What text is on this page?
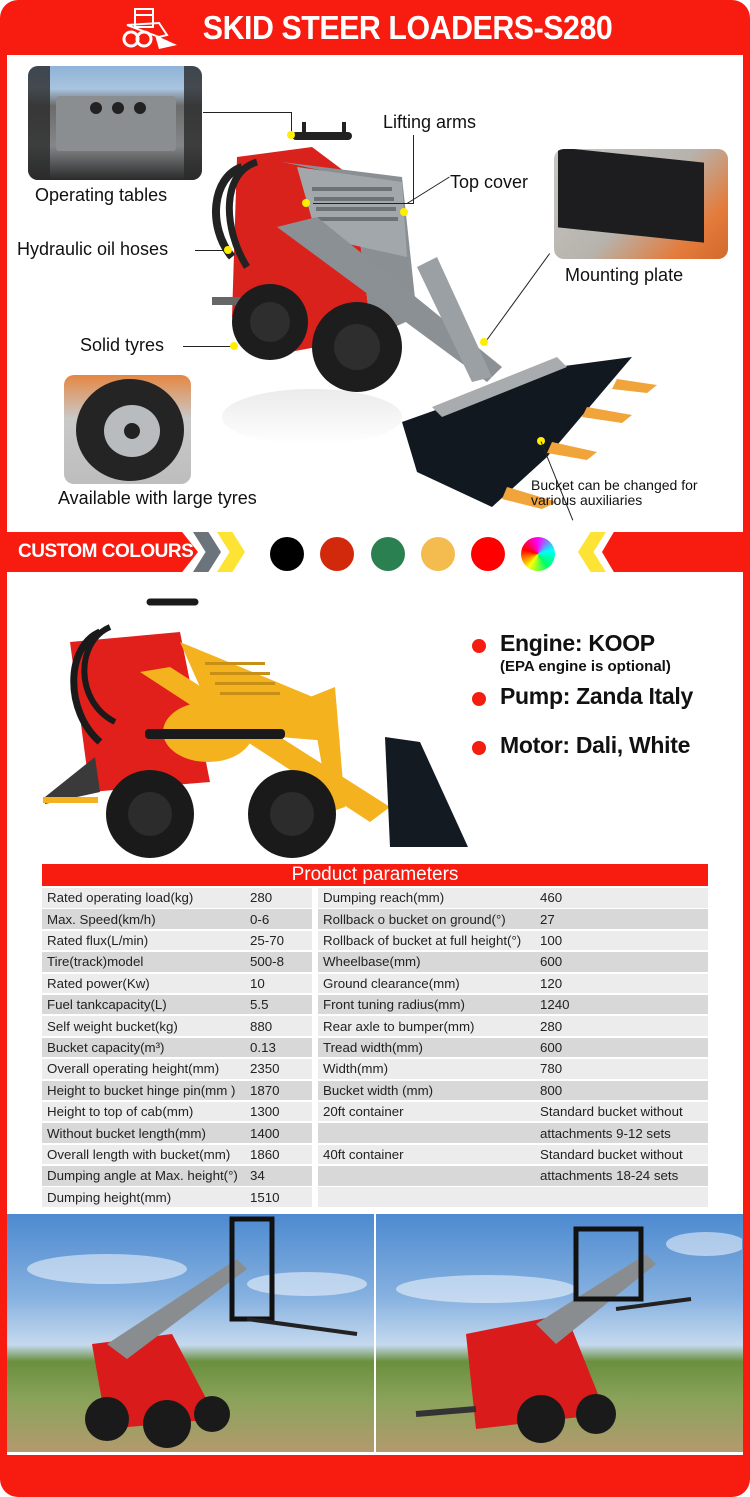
SKID STEER LOADERS-S280
Operating tables
Lifting arms
Top cover
Hydraulic oil hoses
Mounting plate
Solid tyres
Available with large tyres
Bucket can be changed for various auxiliaries
CUSTOM COLOURS
Engine: KOOP
(EPA engine is optional)
Pump: Zanda Italy
Motor: Dali, White
Product parameters
Rated operating load(kg)	280
Max. Speed(km/h)	0-6
Rated flux(L/min)	25-70
Tire(track)model	500-8
Rated power(Kw)	10
Fuel tankcapacity(L)	5.5
Self weight bucket(kg)	880
Bucket capacity(m³)	0.13
Overall operating height(mm)	2350
Height to bucket hinge pin(mm )	1870
Height to top of cab(mm)	1300
Without bucket length(mm)	1400
Overall length with bucket(mm)	1860
Dumping angle at Max. height(°) 34
Dumping height(mm)	1510
Dumping reach(mm)	460
Rollback o bucket on ground(°)	27
Rollback of bucket at full height(°)	100
Wheelbase(mm)	600
Ground clearance(mm)	120
Front tuning radius(mm)	1240
Rear axle to bumper(mm)	280
Tread width(mm)	600
Width(mm)	780
Bucket width (mm)	800
20ft container	Standard bucket without
attachments 9-12 sets
40ft container	Standard bucket without
attachments 18-24 sets
